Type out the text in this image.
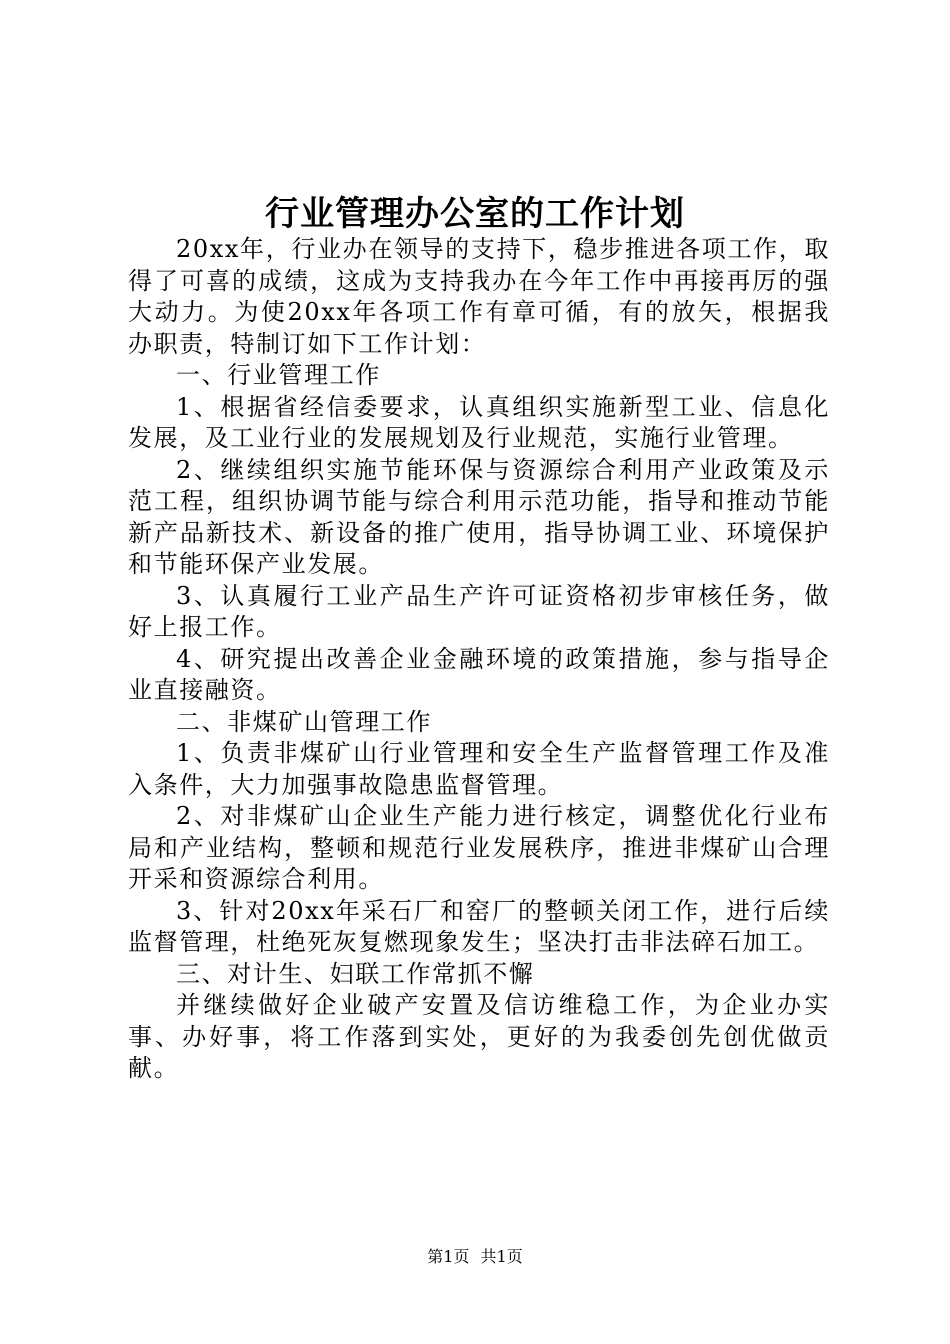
行业管理办公室的工作计划

20xx年，行业办在领导的支持下，稳步推进各项工作，取得了可喜的成绩，这成为支持我办在今年工作中再接再厉的强大动力。为使20xx年各项工作有章可循，有的放矢，根据我办职责，特制订如下工作计划：

一、行业管理工作

1、根据省经信委要求，认真组织实施新型工业、信息化发展，及工业行业的发展规划及行业规范，实施行业管理。

2、继续组织实施节能环保与资源综合利用产业政策及示范工程，组织协调节能与综合利用示范功能，指导和推动节能新产品新技术、新设备的推广使用，指导协调工业、环境保护和节能环保产业发展。

3、认真履行工业产品生产许可证资格初步审核任务，做好上报工作。

4、研究提出改善企业金融环境的政策措施，参与指导企业直接融资。

二、非煤矿山管理工作

1、负责非煤矿山行业管理和安全生产监督管理工作及准入条件，大力加强事故隐患监督管理。

2、对非煤矿山企业生产能力进行核定，调整优化行业布局和产业结构，整顿和规范行业发展秩序，推进非煤矿山合理开采和资源综合利用。

3、针对20xx年采石厂和窑厂的整顿关闭工作，进行后续监督管理，杜绝死灰复燃现象发生；坚决打击非法碎石加工。

三、对计生、妇联工作常抓不懈

并继续做好企业破产安置及信访维稳工作，为企业办实事、办好事，将工作落到实处，更好的为我委创先创优做贡献。

第1页 共1页
